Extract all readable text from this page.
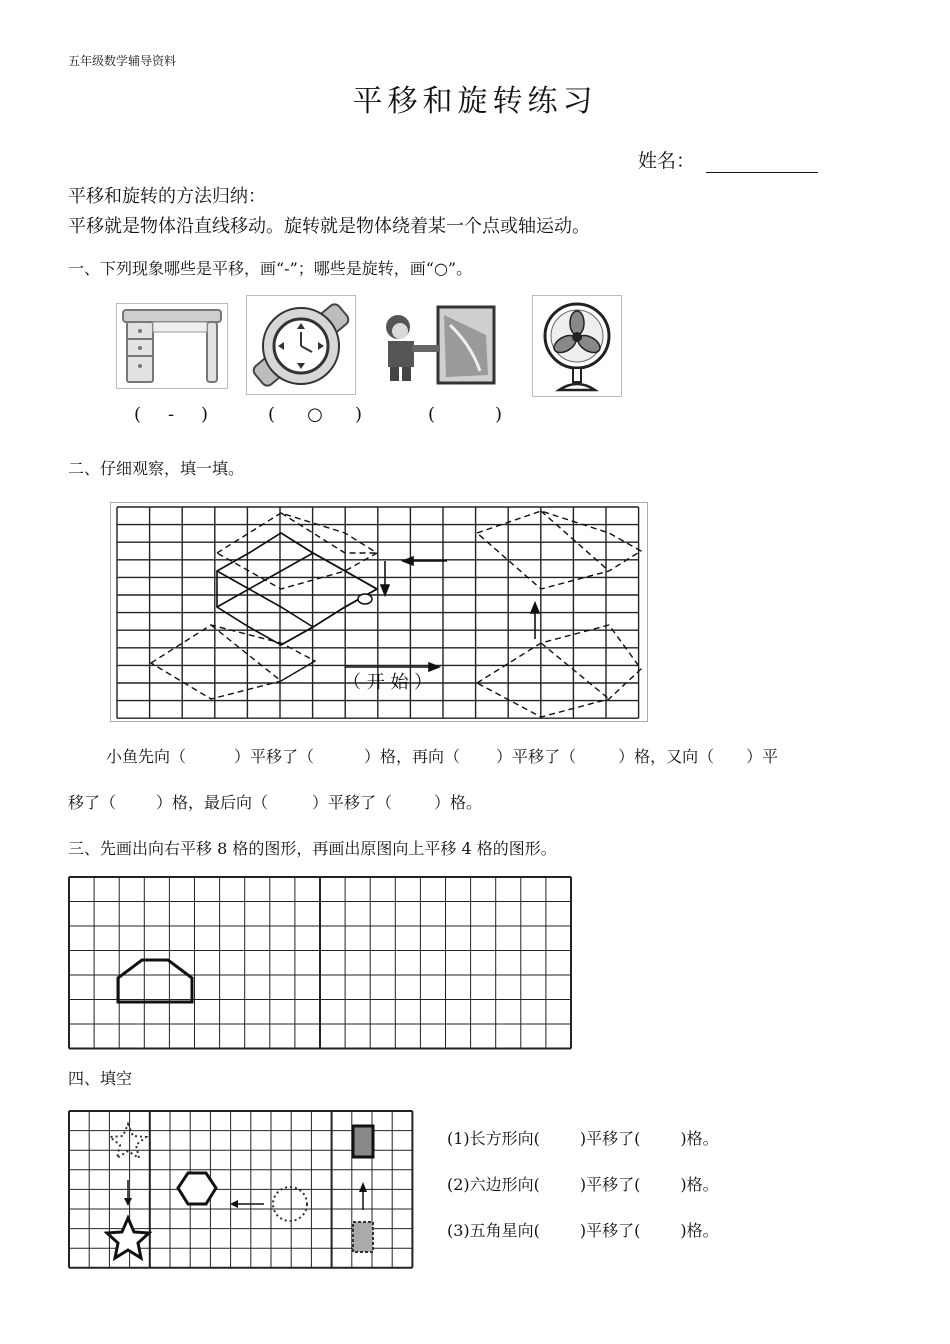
五年级数学辅导资料
平移和旋转练习
姓名：
平移和旋转的方法归纳：
平移就是物体沿直线移动。旋转就是物体绕着某一个点或轴运动。
一、下列现象哪些是平移，画“-”；哪些是旋转，画“○”。
( - )	( ○ )	(	)
二、仔细观察，填一填。
（ 开 始 ）
小鱼先向（	）平移了（	）格，再向（ ）平移了（	）格，又向（ ）平
移了（	）格，最后向（	）平移了（	）格。
三、先画出向右平移 8 格的图形，再画出原图向上平移 4 格的图形。
四、填空
(1)长方形向(	)平移了(	)格。
(2)六边形向(	)平移了(	)格。
(3)五角星向(	)平移了(	)格。
